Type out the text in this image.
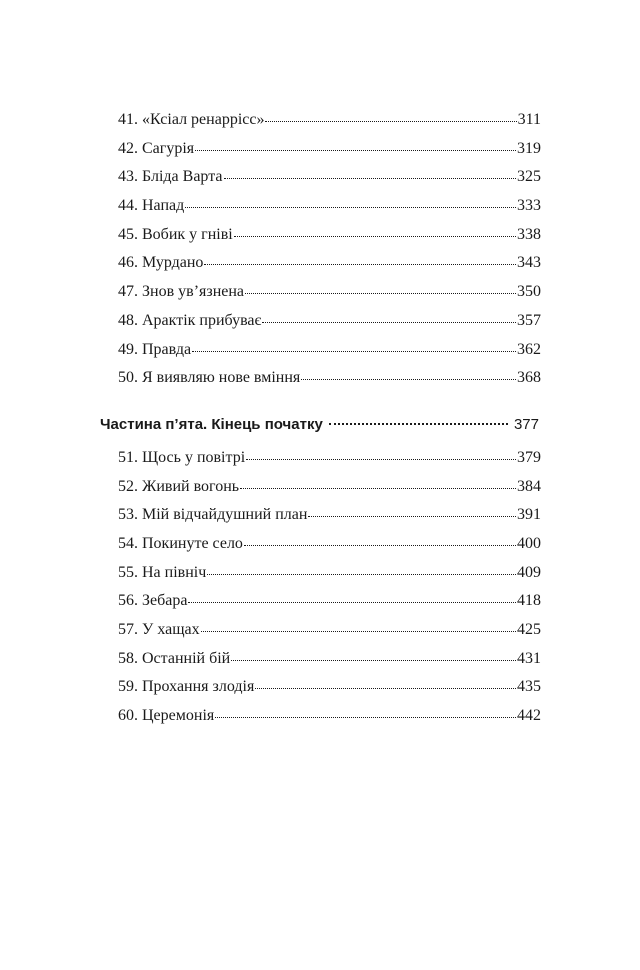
41. «Ксіал ренаррісс»	311
42. Сагурія	319
43. Бліда Варта	325
44. Напад	333
45. Вобик у гніві	338
46. Мурдано	343
47. Знов ув’язнена	350
48. Арактік прибуває	357
49. Правда	362
50. Я виявляю нове вміння	368
Частина п’ята. Кінець початку	377
51. Щось у повітрі	379
52. Живий вогонь	384
53. Мій відчайдушний план	391
54. Покинуте село	400
55. На північ	409
56. Зебара	418
57. У хащах	425
58. Останній бій	431
59. Прохання злодія	435
60. Церемонія	442
